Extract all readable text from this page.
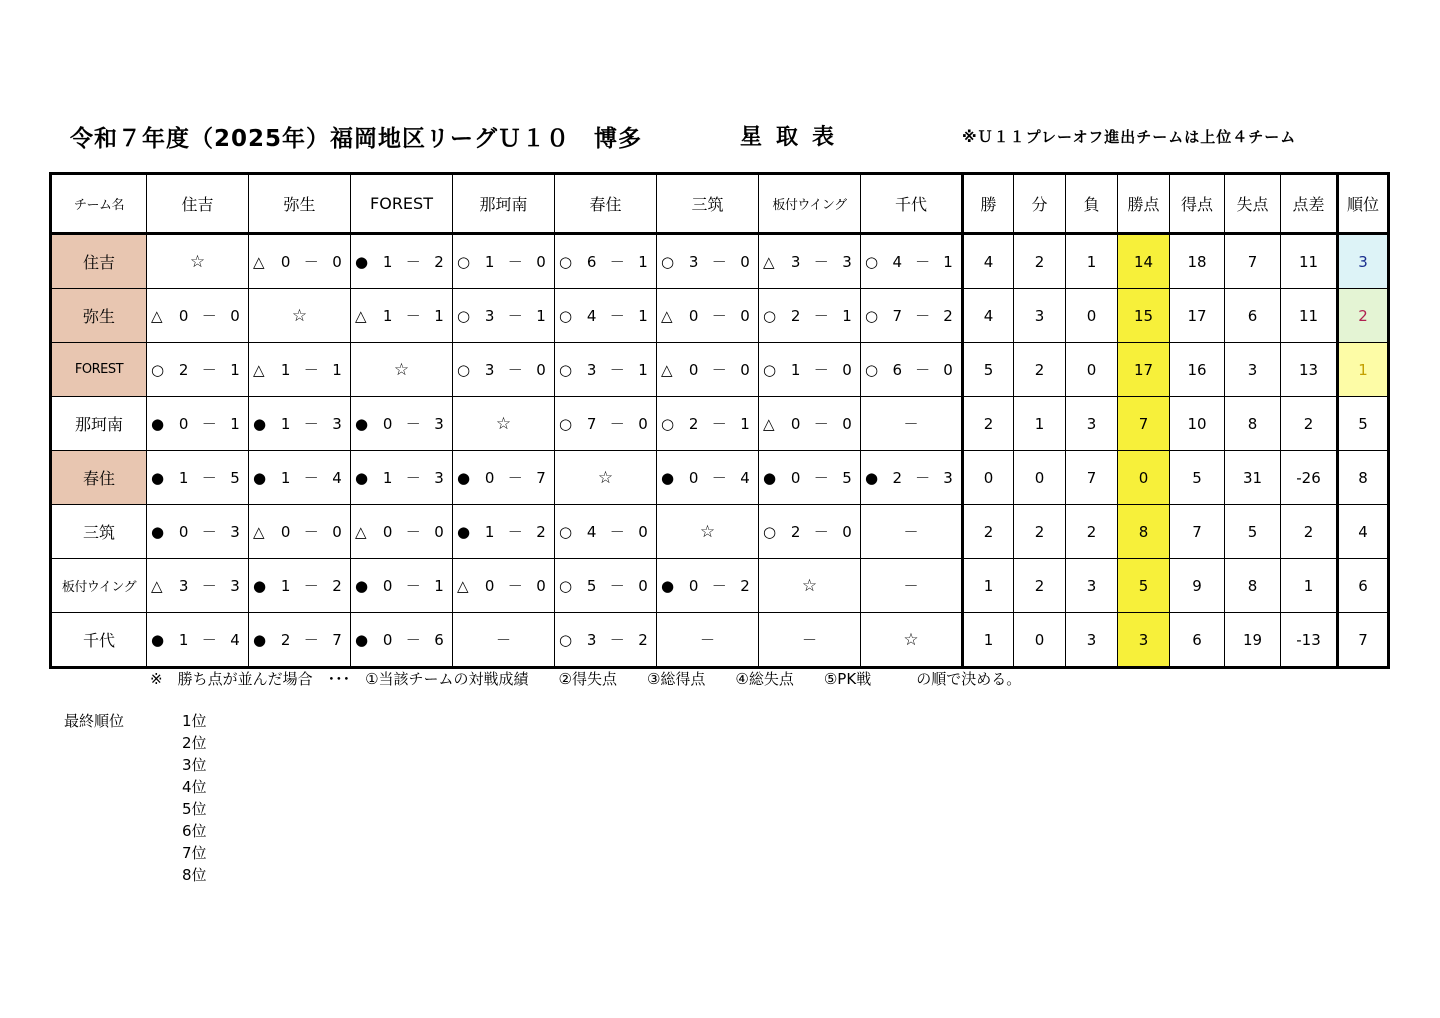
令和７年度（2025年）福岡地区リーグＵ１０　博多	星取表	※Ｕ１１プレーオフ進出チームは上位４チーム
チーム名	住吉	弥生	FOREST	那珂南	春住	三筑	板付ウイング	千代	勝	分	負	勝点	得点	失点	点差	順位
住吉	☆	△ 0 － 0	● 1 － 2	○ 1 － 0	○ 6 － 1	○ 3 － 0	△ 3 － 3	○ 4 － 1	4	2	1	14	18	7	11	3
弥生	△ 0 － 0	☆	△ 1 － 1	○ 3 － 1	○ 4 － 1	△ 0 － 0	○ 2 － 1	○ 7 － 2	4	3	0	15	17	6	11	2
FOREST	○ 2 － 1	△ 1 － 1	☆	○ 3 － 0	○ 3 － 1	△ 0 － 0	○ 1 － 0	○ 6 － 0	5	2	0	17	16	3	13	1
那珂南	● 0 － 1	● 1 － 3	● 0 － 3	☆	○ 7 － 0	○ 2 － 1	△ 0 － 0	－	2	1	3	7	10	8	2	5
春住	● 1 － 5	● 1 － 4	● 1 － 3	● 0 － 7	☆	● 0 － 4	● 0 － 5	● 2 － 3	0	0	7	0	5	31	-26	8
三筑	● 0 － 3	△ 0 － 0	△ 0 － 0	● 1 － 2	○ 4 － 0	☆	○ 2 － 0	－	2	2	2	8	7	5	2	4
板付ウイング	△ 3 － 3	● 1 － 2	● 0 － 1	△ 0 － 0	○ 5 － 0	● 0 － 2	☆	－	1	2	3	5	9	8	1	6
千代	● 1 － 4	● 2 － 7	● 0 － 6	－	○ 3 － 2	－	－	☆	1	0	3	3	6	19	-13	7
※　勝ち点が並んだ場合　･･･　①当該チームの対戦成績　　②得失点　　③総得点　　④総失点　　⑤PK戦　　　の順で決める。
最終順位	1位
2位
3位
4位
5位
6位
7位
8位
